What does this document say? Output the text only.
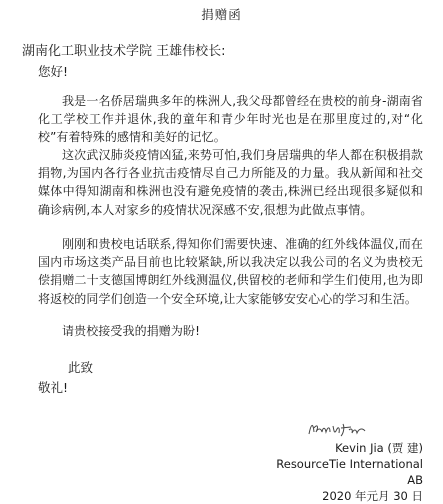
捐赠函
湖南化工职业技术学院 王雄伟校长:
您好!
我是一名侨居瑞典多年的株洲人,我父母都曾经在贵校的前身-湖南省化工学校工作并退休,我的童年和青少年时光也是在那里度过的,对“化校”有着特殊的感情和美好的记忆。
这次武汉肺炎疫情凶猛,来势可怕,我们身居瑞典的华人都在积极捐款捐物,为国内各行各业抗击疫情尽自己力所能及的力量。我从新闻和社交媒体中得知湖南和株洲也没有避免疫情的袭击,株洲已经出现很多疑似和确诊病例,本人对家乡的疫情状况深感不安,很想为此做点事情。
刚刚和贵校电话联系,得知你们需要快速、准确的红外线体温仪,而在国内市场这类产品目前也比较紧缺,所以我决定以我公司的名义为贵校无偿捐赠二十支德国博朗红外线测温仪,供留校的老师和学生们使用,也为即将返校的同学们创造一个安全环境,让大家能够安安心心的学习和生活。
请贵校接受我的捐赠为盼!
此致
敬礼!
Kevin Jia (贾 建)
ResourceTie International AB
2020 年元月 30 日
